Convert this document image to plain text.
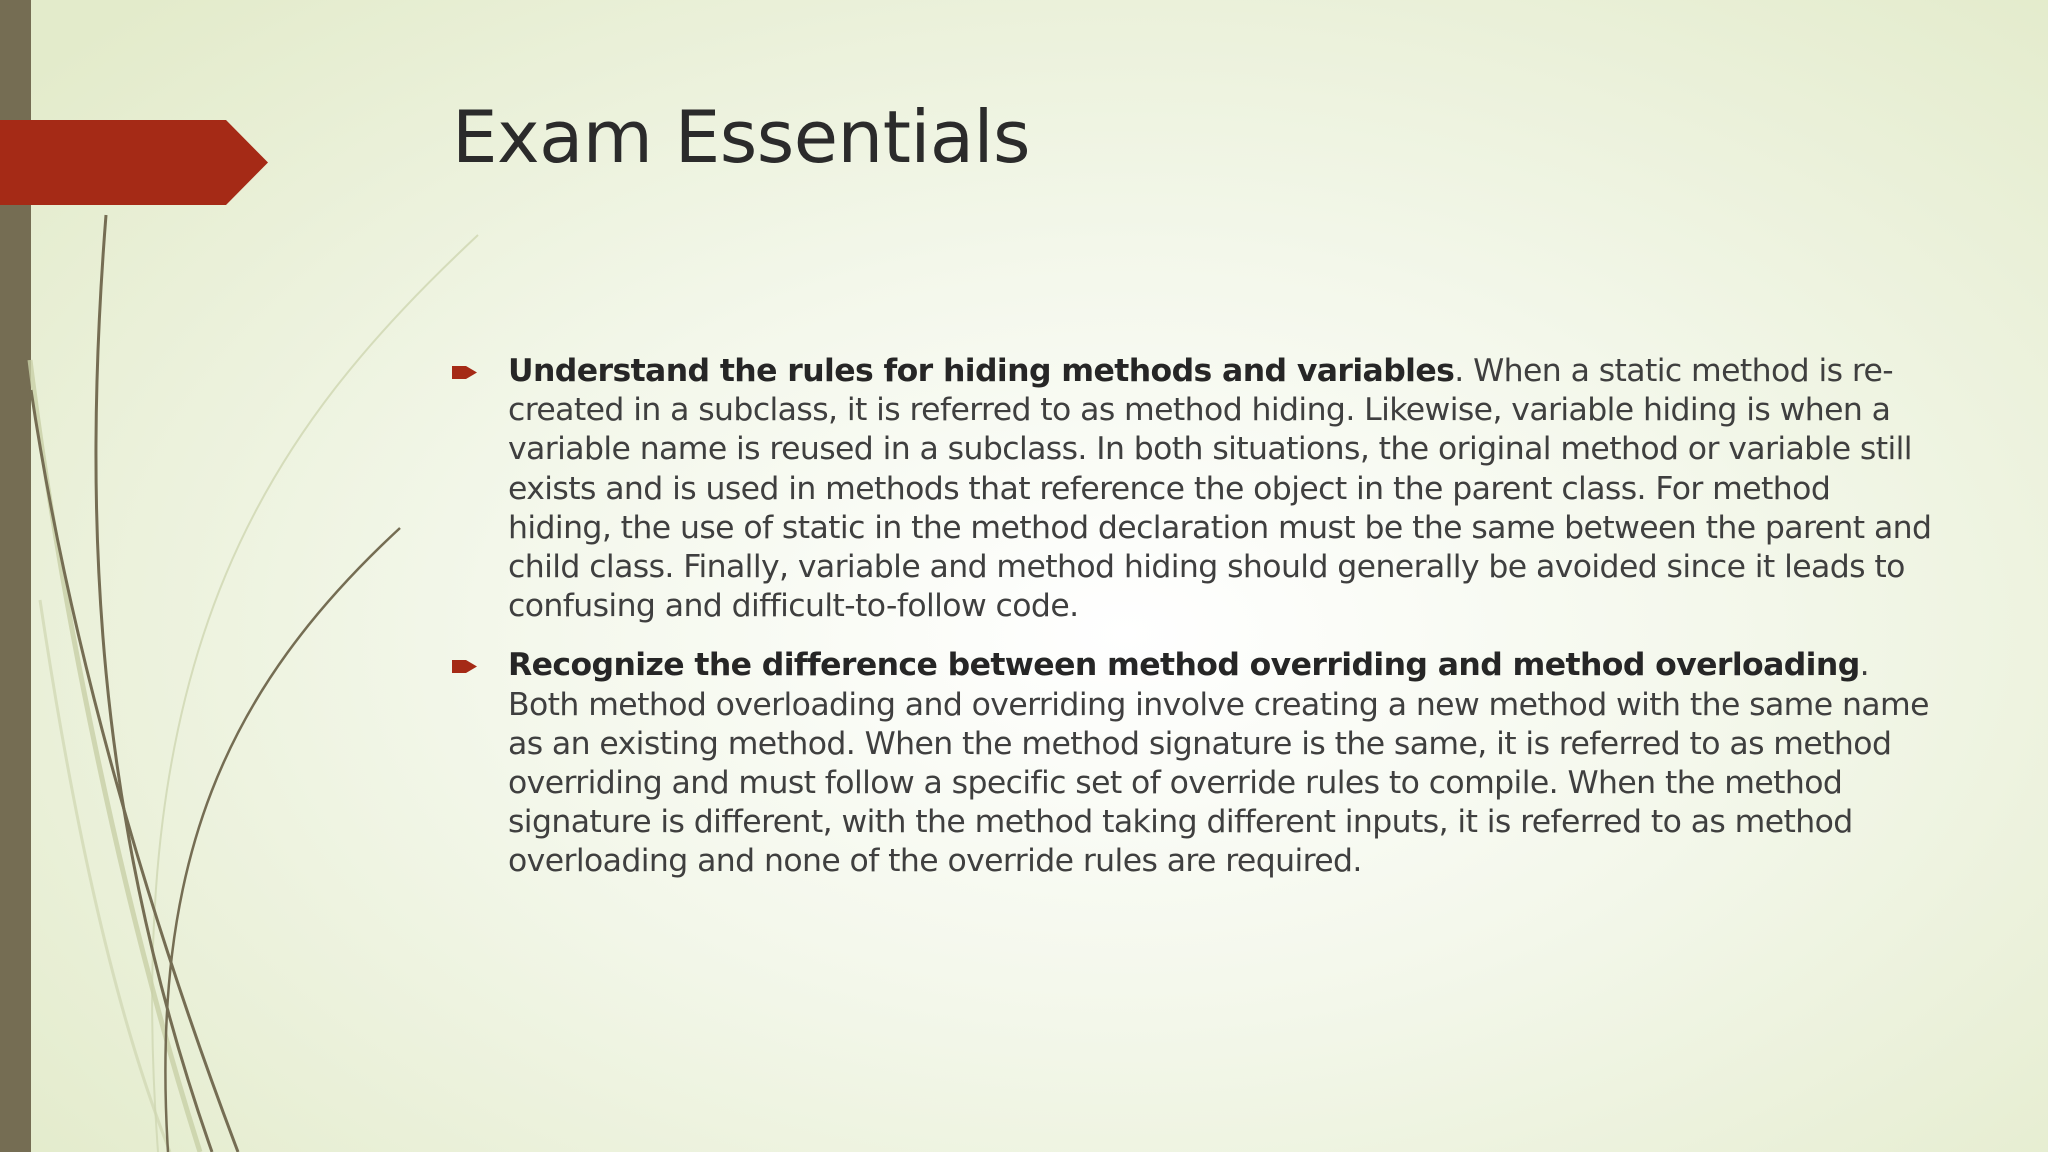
Exam Essentials
Understand the rules for hiding methods and variables. When a static method is re-created in a subclass, it is referred to as method hiding. Likewise, variable hiding is when a variable name is reused in a subclass. In both situations, the original method or variable still exists and is used in methods that reference the object in the parent class. For method hiding, the use of static in the method declaration must be the same between the parent and child class. Finally, variable and method hiding should generally be avoided since it leads to confusing and difficult-to-follow code.
Recognize the difference between method overriding and method overloading. Both method overloading and overriding involve creating a new method with the same name as an existing method. When the method signature is the same, it is referred to as method overriding and must follow a specific set of override rules to compile. When the method signature is different, with the method taking different inputs, it is referred to as method overloading and none of the override rules are required.
